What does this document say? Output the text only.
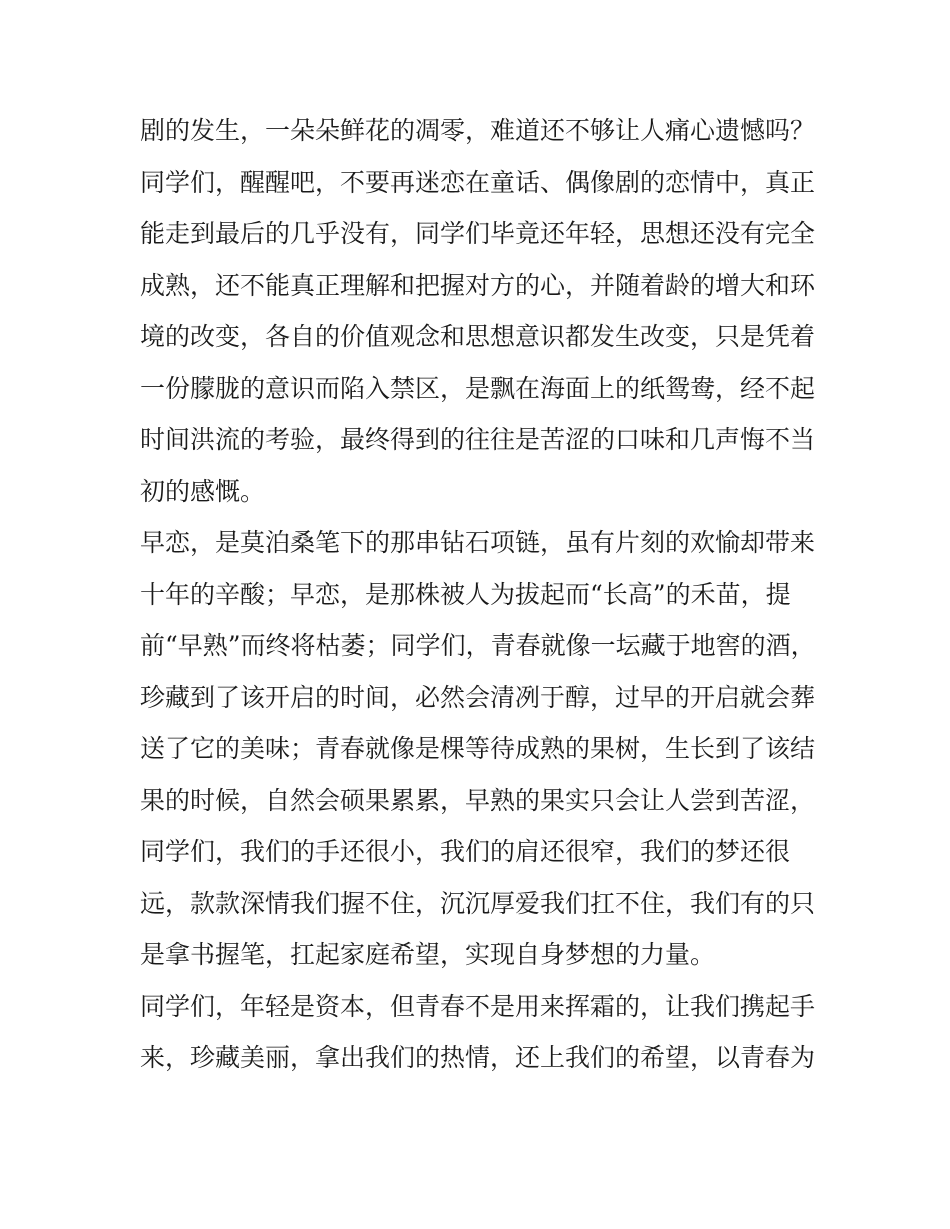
剧的发生，一朵朵鲜花的凋零，难道还不够让人痛心遗憾吗？
同学们，醒醒吧，不要再迷恋在童话、偶像剧的恋情中，真正
能走到最后的几乎没有，同学们毕竟还年轻，思想还没有完全
成熟，还不能真正理解和把握对方的心，并随着龄的增大和环
境的改变，各自的价值观念和思想意识都发生改变，只是凭着
一份朦胧的意识而陷入禁区，是飘在海面上的纸鸳鸯，经不起
时间洪流的考验，最终得到的往往是苦涩的口味和几声悔不当
初的感慨。
早恋，是莫泊桑笔下的那串钻石项链，虽有片刻的欢愉却带来
十年的辛酸；早恋，是那株被人为拔起而“长高”的禾苗，提
前“早熟”而终将枯萎；同学们，青春就像一坛藏于地窖的酒，
珍藏到了该开启的时间，必然会清冽于醇，过早的开启就会葬
送了它的美味；青春就像是棵等待成熟的果树，生长到了该结
果的时候，自然会硕果累累，早熟的果实只会让人尝到苦涩，
同学们，我们的手还很小，我们的肩还很窄，我们的梦还很
远，款款深情我们握不住，沉沉厚爱我们扛不住，我们有的只
是拿书握笔，扛起家庭希望，实现自身梦想的力量。
同学们，年轻是资本，但青春不是用来挥霜的，让我们携起手
来，珍藏美丽，拿出我们的热情，还上我们的希望，以青春为
